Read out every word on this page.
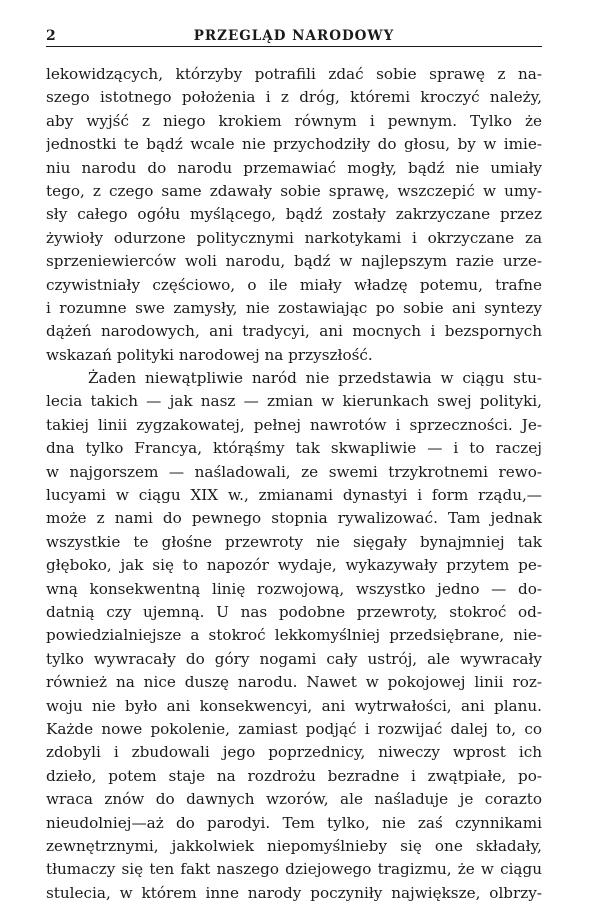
2	PRZEGLĄD NARODOWY
lekowidzących, którzyby potrafili zdać sobie sprawę z na-
szego istotnego położenia i z dróg, któremi kroczyć należy,
aby wyjść z niego krokiem równym i pewnym. Tylko że
jednostki te bądź wcale nie przychodziły do głosu, by w imie-
niu narodu do narodu przemawiać mogły, bądź nie umiały
tego, z czego same zdawały sobie sprawę, wszczepić w umy-
sły całego ogółu myślącego, bądź zostały zakrzyczane przez
żywioły odurzone politycznymi narkotykami i okrzyczane za
sprzeniewierców woli narodu, bądź w najlepszym razie urze-
czywistniały częściowo, o ile miały władzę potemu, trafne
i rozumne swe zamysły, nie zostawiając po sobie ani syntezy
dążeń narodowych, ani tradycyi, ani mocnych i bezspornych
wskazań polityki narodowej na przyszłość.
Żaden niewątpliwie naród nie przedstawia w ciągu stu-
lecia takich — jak nasz — zmian w kierunkach swej polityki,
takiej linii zygzakowatej, pełnej nawrotów i sprzeczności. Je-
dna tylko Francya, którąśmy tak skwapliwie — i to raczej
w najgorszem — naśladowali, ze swemi trzykrotnemi rewo-
lucyami w ciągu XIX w., zmianami dynastyi i form rządu,—
może z nami do pewnego stopnia rywalizować. Tam jednak
wszystkie te głośne przewroty nie sięgały bynajmniej tak
głęboko, jak się to napozór wydaje, wykazywały przytem pe-
wną konsekwentną linię rozwojową, wszystko jedno — do-
datnią czy ujemną. U nas podobne przewroty, stokroć od-
powiedzialniejsze a stokroć lekkomyślniej przedsiębrane, nie-
tylko wywracały do góry nogami cały ustrój, ale wywracały
również na nice duszę narodu. Nawet w pokojowej linii roz-
woju nie było ani konsekwencyi, ani wytrwałości, ani planu.
Każde nowe pokolenie, zamiast podjąć i rozwijać dalej to, co
zdobyli i zbudowali jego poprzednicy, niweczy wprost ich
dzieło, potem staje na rozdrożu bezradne i zwątpiałe, po-
wraca znów do dawnych wzorów, ale naśladuje je corazto
nieudolniej—aż do parodyi. Tem tylko, nie zaś czynnikami
zewnętrznymi, jakkolwiek niepomyślnieby się one składały,
tłumaczy się ten fakt naszego dziejowego tragizmu, że w ciągu
stulecia, w którem inne narody poczyniły największe, olbrzy-
